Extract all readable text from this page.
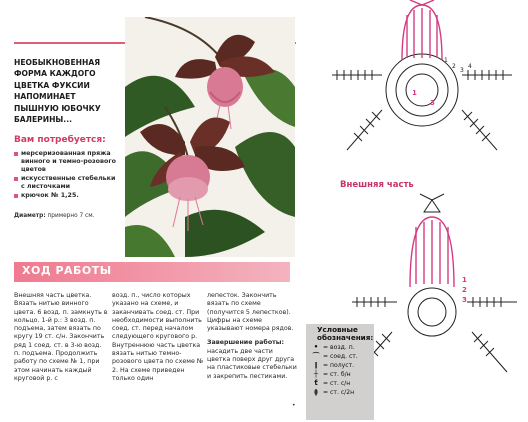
НЕОБЫКНОВЕННАЯ ФОРМА КАЖДОГО ЦВЕТКА ФУКСИИ НАПОМИНАЕТ ПЫШНУЮ ЮБОЧКУ БАЛЕРИНЫ...
Вам потребуется:
мерсеризованная пряжа винного и темно-розового цветов
искусственные стебельки с листочками
крючок № 1,25.
Диаметр: примерно 7 см.
ХОД РАБОТЫ
Внешняя часть цветка. Вязать нитью винного цвета. 6 возд. п. замкнуть в кольцо. 1-й р.: 3 возд. п. подъема, затем вязать по кругу 19 ст. с/н. Закончить ряд 1 соед. ст. в 3-ю возд. п. подъема. Продолжить работу по схеме № 1, при этом начинать каждый круговой р. с
возд. п., число которых указано на схеме, и заканчивать соед. ст. При необходимости выполнить соед. ст. перед началом следующего кругового р. Внутреннюю часть цветка вязать нитью темно-розового цвета по схеме № 2. На схеме приведен только один
лепесток. Закончить вязать по схеме (получится 5 лепестков). Цифры на схеме указывают номера рядов.
Завершение работы:
насадить две части цветка поверх друг друга на пластиковые стебельки и закрепить пестиками.
1
2
3
4
1
3
Внешняя часть
1
2
3
Условные обозначения:
• = возд. п.
⌒ = соед. ст.
ǀ = полуст.
┼ = ст. б/н
ƭ = ст. с/н
ǂ = ст. с/2н
•
